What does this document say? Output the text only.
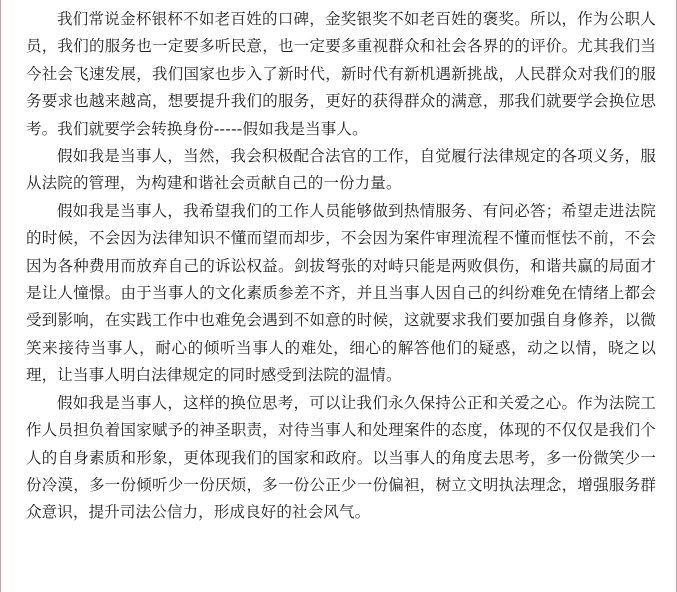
我们常说金杯银杯不如老百姓的口碑，金奖银奖不如老百姓的褒奖。所以，作为公职人员，我们的服务也一定要多听民意，也一定要多重视群众和社会各界的的评价。尤其我们当今社会飞速发展，我们国家也步入了新时代，新时代有新机遇新挑战，人民群众对我们的服务要求也越来越高，想要提升我们的服务，更好的获得群众的满意，那我们就要学会换位思考。我们就要学会转换身份-----假如我是当事人。

假如我是当事人，当然，我会积极配合法官的工作，自觉履行法律规定的各项义务，服从法院的管理，为构建和谐社会贡献自己的一份力量。

假如我是当事人，我希望我们的工作人员能够做到热情服务、有问必答；希望走进法院的时候，不会因为法律知识不懂而望而却步，不会因为案件审理流程不懂而恇怯不前，不会因为各种费用而放弃自己的诉讼权益。剑拔弩张的对峙只能是两败俱伤，和谐共赢的局面才是让人憧憬。由于当事人的文化素质参差不齐，并且当事人因自己的纠纷难免在情绪上都会受到影响，在实践工作中也难免会遇到不如意的时候，这就要求我们要加强自身修养，以微笑来接待当事人，耐心的倾听当事人的难处，细心的解答他们的疑惑，动之以情，晓之以理，让当事人明白法律规定的同时感受到法院的温情。

假如我是当事人，这样的换位思考，可以让我们永久保持公正和关爱之心。作为法院工作人员担负着国家赋予的神圣职责，对待当事人和处理案件的态度，体现的不仅仅是我们个人的自身素质和形象，更体现我们的国家和政府。以当事人的角度去思考，多一份微笑少一份冷漠，多一份倾听少一份厌烦，多一份公正少一份偏袒，树立文明执法理念，增强服务群众意识，提升司法公信力，形成良好的社会风气。
